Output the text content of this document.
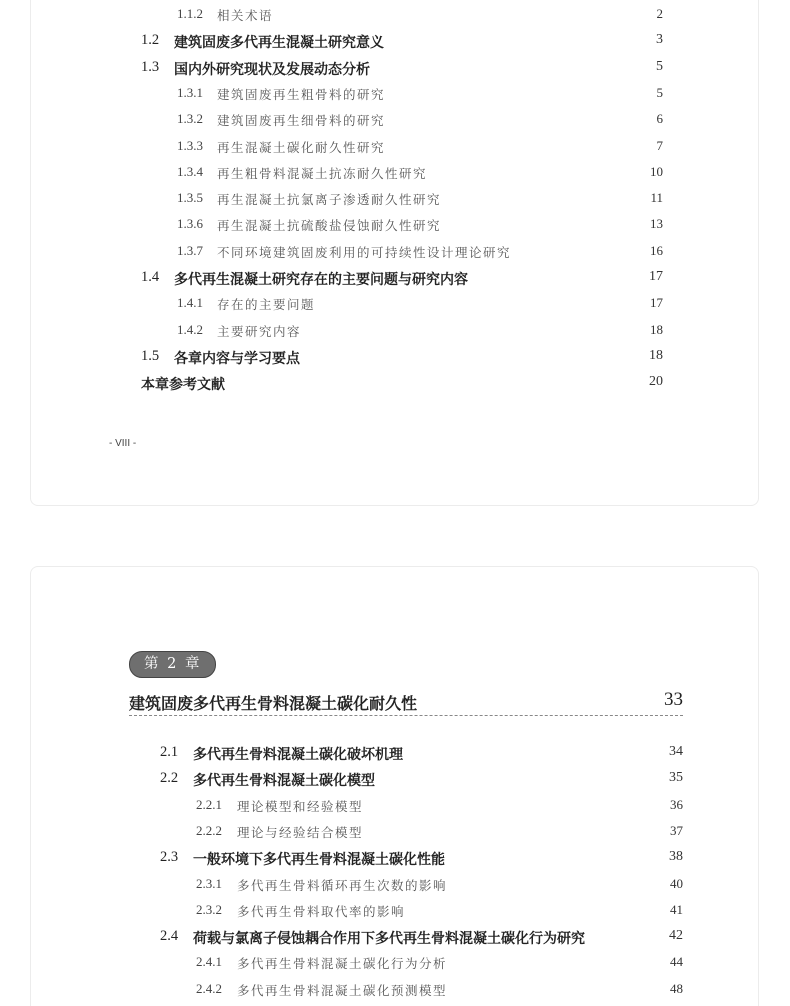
1.1.2 相关术语	2
1.2 建筑固废多代再生混凝土研究意义	3
1.3 国内外研究现状及发展动态分析	5
1.3.1 建筑固废再生粗骨料的研究	5
1.3.2 建筑固废再生细骨料的研究	6
1.3.3 再生混凝土碳化耐久性研究	7
1.3.4 再生粗骨料混凝土抗冻耐久性研究	10
1.3.5 再生混凝土抗氯离子渗透耐久性研究	11
1.3.6 再生混凝土抗硫酸盐侵蚀耐久性研究	13
1.3.7 不同环境建筑固废利用的可持续性设计理论研究	16
1.4 多代再生混凝土研究存在的主要问题与研究内容	17
1.4.1 存在的主要问题	17
1.4.2 主要研究内容	18
1.5 各章内容与学习要点	18
本章参考文献	20
- VIII -
第 2 章
建筑固废多代再生骨料混凝土碳化耐久性	33
2.1 多代再生骨料混凝土碳化破坏机理	34
2.2 多代再生骨料混凝土碳化模型	35
2.2.1 理论模型和经验模型	36
2.2.2 理论与经验结合模型	37
2.3 一般环境下多代再生骨料混凝土碳化性能	38
2.3.1 多代再生骨料循环再生次数的影响	40
2.3.2 多代再生骨料取代率的影响	41
2.4 荷载与氯离子侵蚀耦合作用下多代再生骨料混凝土碳化行为研究	42
2.4.1 多代再生骨料混凝土碳化行为分析	44
2.4.2 多代再生骨料混凝土碳化预测模型	48
